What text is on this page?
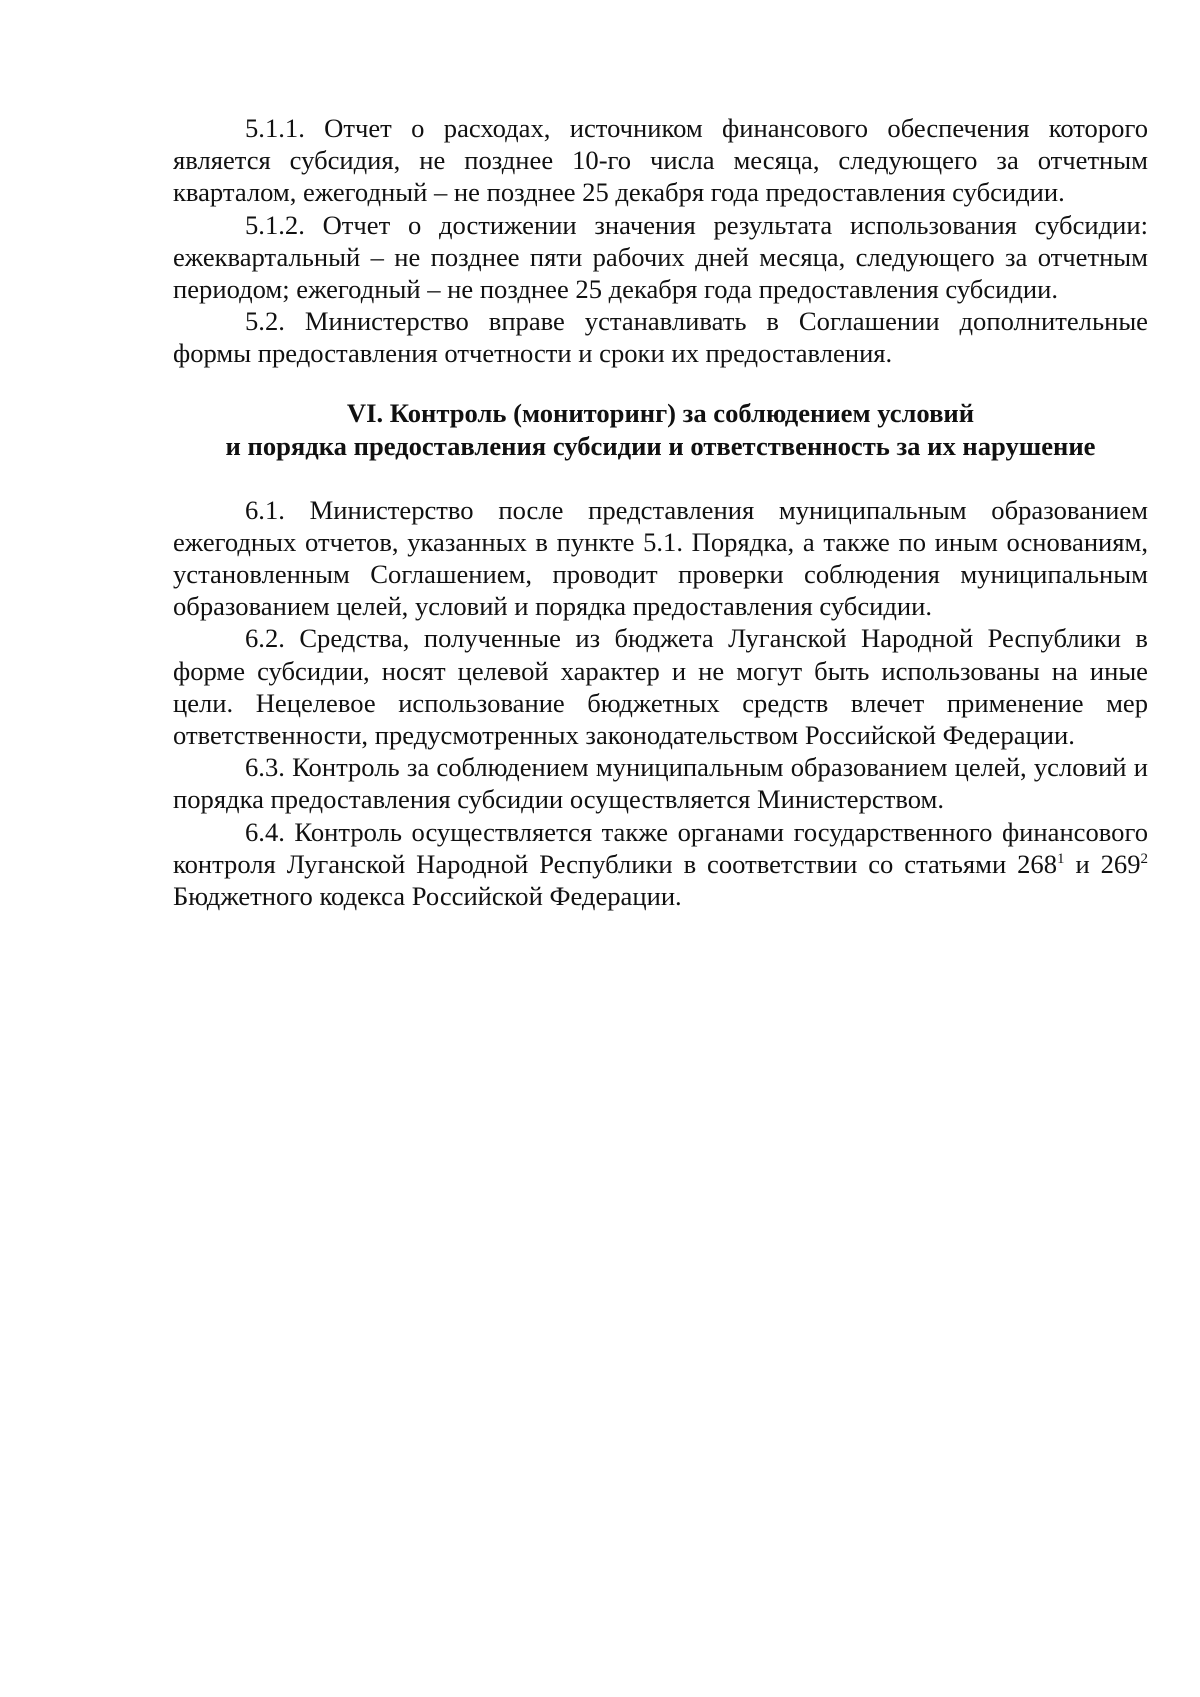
5.1.1. Отчет о расходах, источником финансового обеспечения которого является субсидия, не позднее 10-го числа месяца, следующего за отчетным кварталом, ежегодный – не позднее 25 декабря года предоставления субсидии.

5.1.2. Отчет о достижении значения результата использования субсидии: ежеквартальный – не позднее пяти рабочих дней месяца, следующего за отчетным периодом; ежегодный – не позднее 25 декабря года предоставления субсидии.

5.2. Министерство вправе устанавливать в Соглашении дополнительные формы предоставления отчетности и сроки их предоставления.

VI. Контроль (мониторинг) за соблюдением условий
и порядка предоставления субсидии и ответственность за их нарушение

6.1. Министерство после представления муниципальным образованием ежегодных отчетов, указанных в пункте 5.1. Порядка, а также по иным основаниям, установленным Соглашением, проводит проверки соблюдения муниципальным образованием целей, условий и порядка предоставления субсидии.

6.2. Средства, полученные из бюджета Луганской Народной Республики в форме субсидии, носят целевой характер и не могут быть использованы на иные цели. Нецелевое использование бюджетных средств влечет применение мер ответственности, предусмотренных законодательством Российской Федерации.

6.3. Контроль за соблюдением муниципальным образованием целей, условий и порядка предоставления субсидии осуществляется Министерством.

6.4. Контроль осуществляется также органами государственного финансового контроля Луганской Народной Республики в соответствии со статьями $268^1$ и $269^2$ Бюджетного кодекса Российской Федерации.
